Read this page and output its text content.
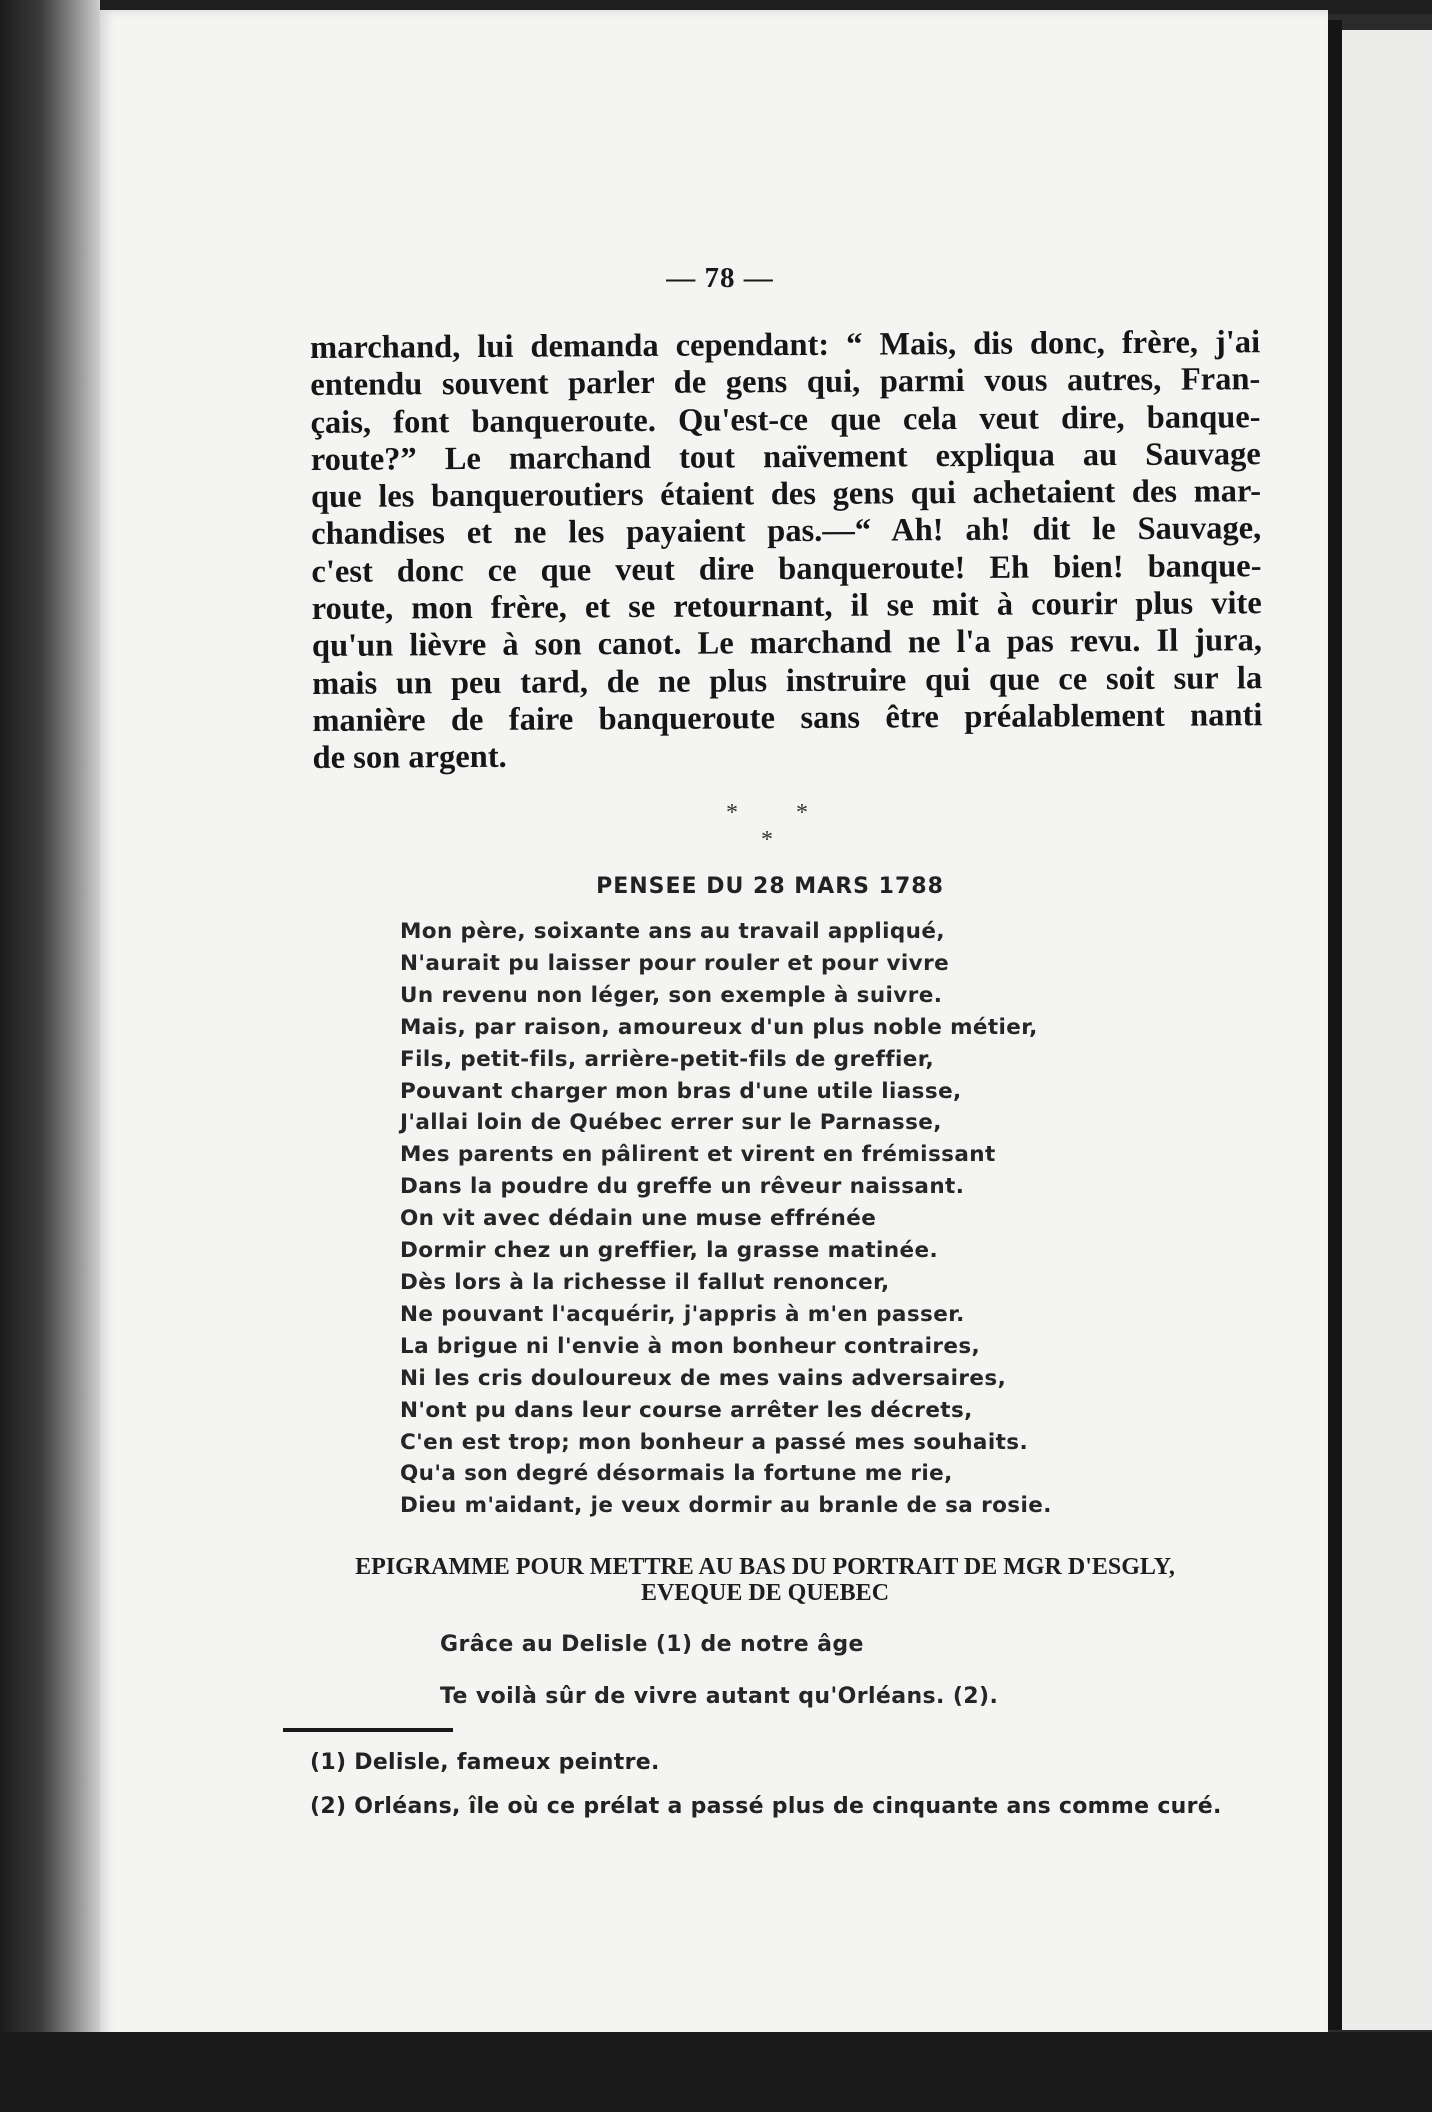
— 78 —
marchand, lui demanda cependant: “ Mais, dis donc, frère, j'ai
entendu souvent parler de gens qui, parmi vous autres, Fran-
çais, font banqueroute. Qu'est-ce que cela veut dire, banque-
route?” Le marchand tout naïvement expliqua au Sauvage
que les banqueroutiers étaient des gens qui achetaient des mar-
chandises et ne les payaient pas.—“ Ah! ah! dit le Sauvage,
c'est donc ce que veut dire banqueroute! Eh bien! banque-
route, mon frère, et se retournant, il se mit à courir plus vite
qu'un lièvre à son canot. Le marchand ne l'a pas revu. Il jura,
mais un peu tard, de ne plus instruire qui que ce soit sur la
manière de faire banqueroute sans être préalablement nanti
de son argent.
* * *
PENSEE DU 28 MARS 1788
Mon père, soixante ans au travail appliqué,
N'aurait pu laisser pour rouler et pour vivre
Un revenu non léger, son exemple à suivre.
Mais, par raison, amoureux d'un plus noble métier,
Fils, petit-fils, arrière-petit-fils de greffier,
Pouvant charger mon bras d'une utile liasse,
J'allai loin de Québec errer sur le Parnasse,
Mes parents en pâlirent et virent en frémissant
Dans la poudre du greffe un rêveur naissant.
On vit avec dédain une muse effrénée
Dormir chez un greffier, la grasse matinée.
Dès lors à la richesse il fallut renoncer,
Ne pouvant l'acquérir, j'appris à m'en passer.
La brigue ni l'envie à mon bonheur contraires,
Ni les cris douloureux de mes vains adversaires,
N'ont pu dans leur course arrêter les décrets,
C'en est trop; mon bonheur a passé mes souhaits.
Qu'a son degré désormais la fortune me rie,
Dieu m'aidant, je veux dormir au branle de sa rosie.
EPIGRAMME POUR METTRE AU BAS DU PORTRAIT DE MGR D'ESGLY,
EVEQUE DE QUEBEC
Grâce au Delisle (1) de notre âge
Te voilà sûr de vivre autant qu'Orléans. (2).
(1) Delisle, fameux peintre.
(2) Orléans, île où ce prélat a passé plus de cinquante ans comme curé.
